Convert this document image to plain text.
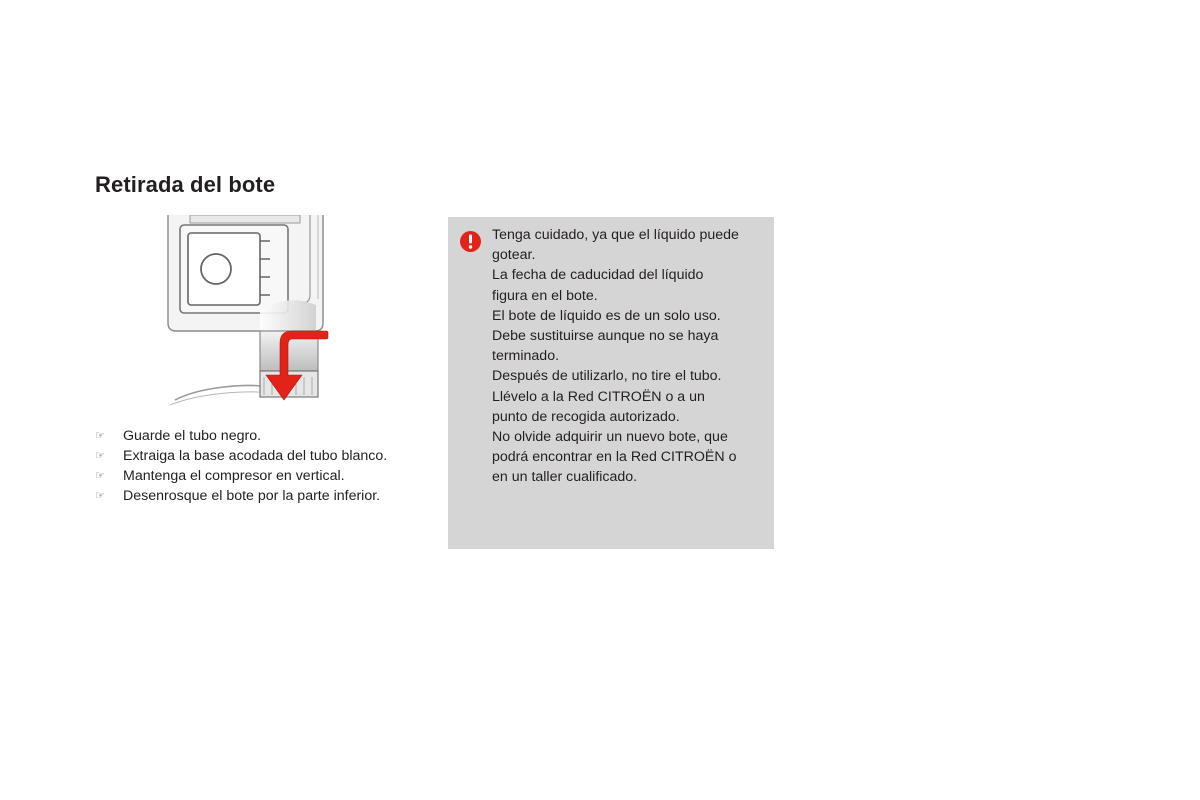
Retirada del bote
☞ Guarde el tubo negro.
☞ Extraiga la base acodada del tubo blanco.
☞ Mantenga el compresor en vertical.
☞ Desenrosque el bote por la parte inferior.
Tenga cuidado, ya que el líquido puede
gotear.
La fecha de caducidad del líquido
figura en el bote.
El bote de líquido es de un solo uso.
Debe sustituirse aunque no se haya
terminado.
Después de utilizarlo, no tire el tubo.
Llévelo a la Red CITROËN o a un
punto de recogida autorizado.
No olvide adquirir un nuevo bote, que
podrá encontrar en la Red CITROËN o
en un taller cualificado.
